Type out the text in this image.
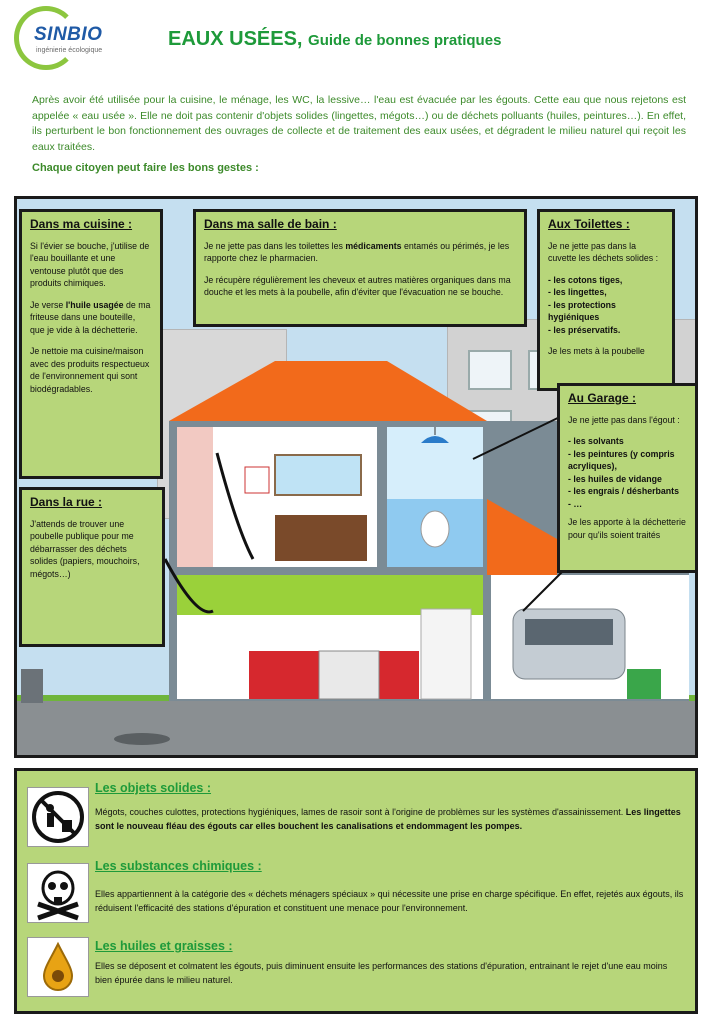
SINBIO
ingénierie écologique
EAUX USÉES, Guide de bonnes pratiques
Après avoir été utilisée pour la cuisine, le ménage, les WC, la lessive… l'eau est évacuée par les égouts. Cette eau que nous rejetons est appelée « eau usée ». Elle ne doit pas contenir d'objets solides (lingettes, mégots…) ou de déchets polluants (huiles, peintures…). En effet, ils perturbent le bon fonctionnement des ouvrages de collecte et de traitement des eaux usées, et dégradent le milieu naturel qui reçoit les eaux traitées.
Chaque citoyen peut faire les bons gestes :
Dans ma cuisine :

Si l'évier se bouche, j'utilise de l'eau bouillante et une ventouse plutôt que des produits chimiques.

Je verse l'huile usagée de ma friteuse dans une bouteille, que je vide à la déchetterie.

Je nettoie ma cuisine/maison avec des produits respectueux de l'environnement qui sont biodégradables.

Dans ma salle de bain :

Je ne jette pas dans les toilettes les médicaments entamés ou périmés, je les rapporte chez le pharmacien.

Je récupère régulièrement les cheveux et autres matières organiques dans ma douche et les mets à la poubelle, afin d'éviter que l'évacuation ne se bouche.

Aux Toilettes :

Je ne jette pas dans la cuvette les déchets solides :

- les cotons tiges,
- les lingettes,
- les protections hygiéniques
- les préservatifs.

Je les mets à la poubelle

Au Garage :

Je ne jette pas dans l'égout :

- les solvants
- les peintures (y compris acryliques),
- les huiles de vidange
- les engrais / désherbants
- …

Je les apporte à la déchetterie pour qu'ils soient traités

Dans la rue :

J'attends de trouver une poubelle publique pour me débarrasser des déchets solides (papiers, mouchoirs, mégots…)

Les objets solides :
Mégots, couches culottes, protections hygiéniques, lames de rasoir sont à l'origine de problèmes sur les systèmes d'assainissement. Les lingettes sont le nouveau fléau des égouts car elles bouchent les canalisations et endommagent les pompes.
Les substances chimiques :
Elles appartiennent à la catégorie des « déchets ménagers spéciaux » qui nécessite une prise en charge spécifique. En effet, rejetés aux égouts, ils réduisent l'efficacité des stations d'épuration et constituent une menace pour l'environnement.
Les huiles et graisses :
Elles se déposent et colmatent les égouts, puis diminuent ensuite les performances des stations d'épuration, entrainant le rejet d'une eau moins bien épurée dans le milieu naturel.
